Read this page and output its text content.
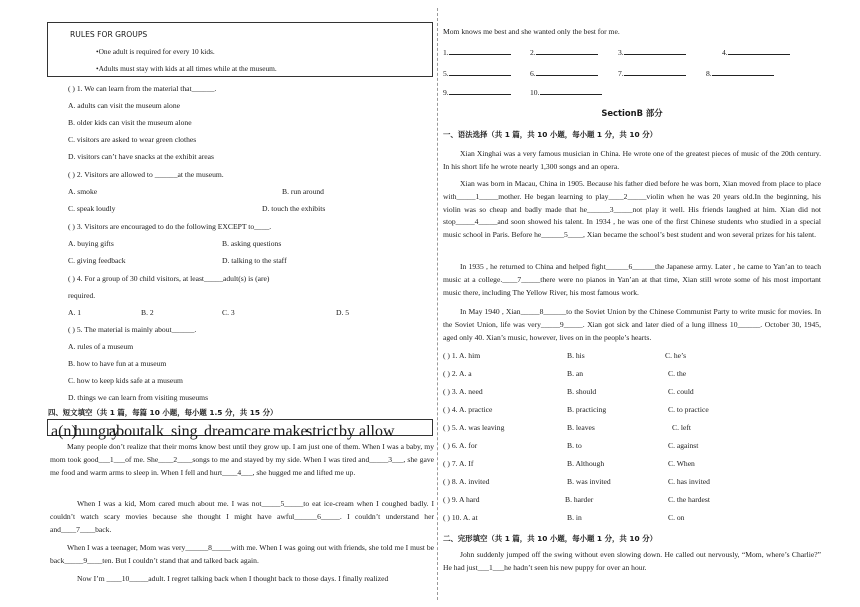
RULES FOR GROUPS
•One adult is required for every 10 kids.
•Adults must stay with kids at all times while at the museum.
( ) 1. We can learn from the material that______.
A. adults can visit the museum alone
B. older kids can visit the museum alone
C. visitors are asked to wear green clothes
D. visitors can’t have snacks at the exhibit areas
( ) 2. Visitors are allowed to ______at the museum.
A. smoke	B. run around
C. speak loudly	D. touch the exhibits
( ) 3. Visitors are encouraged to do the following EXCEPT to____.
A. buying gifts	B. asking questions
C. giving feedback	D. talking to the staff
( ) 4. For a group of 30 child visitors, at least_____adult(s) is (are)
required.
A. 1	B. 2	C. 3	D. 5
( ) 5. The material is mainly about______.
A. rules of a museum
B. how to have fun at a museum
C. how to keep kids safe at a museum
D. things we can learn from visiting museums
四、短文填空（共 1 篇，每篇 10 小题，每小题 1.5 分，共 15 分）
a(n)
hungry
about
talk sing dream care make
strict by allow
Many people don’t realize that their moms know best until they grow up. I am just one of them. When I was a baby, my mom took good___1___of me. She____2____songs to me and stayed by my side. When I was tired and_____3___, she gave me food and warm arms to sleep in. When I fell and hurt____4___, she hugged me and lifted me up.
When I was a kid, Mom cared much about me. I was not_____5_____to eat ice-cream when I coughed badly. I couldn’t watch scary movies because she thought I might have awful______6_____. I couldn’t understand her and____7____back.
When I was a teenager, Mom was very______8_____with me. When I was going out with friends, she told me I must be back_____9____ten. But I couldn’t stand that and talked back again.
Now I’m ____10_____adult. I regret talking back when I thought back to those days. I finally realized
Mom knows me best and she wanted only the best for me.
1.	2.	3.	4.
5.	6.	7.	8.
9.	10.
SectionB 部分
一、语法选择（共 1 篇，共 10 小题，每小题 1 分，共 10 分）
Xian Xinghai was a very famous musician in China. He wrote one of the greatest pieces of music of the 20th century. In his short life he wrote nearly 1,300 songs and an opera.
Xian was born in Macau, China in 1905. Because his father died before he was born, Xian moved from place to place with_____1_____mother. He began learning to play____2_____violin when he was 20 years old.In the beginning, his violin was so cheap and badly made that he______3_____not play it well. His friends laughed at him. Xian did not stop_____4_____and soon showed his talent. In 1934 , he was one of the first Chinese students who studied in a special music school in Paris. Before he______5____, Xian became the school’s best student and won several prizes for his talent.
In 1935 , he returned to China and helped fight______6______the Japanese army. Later , he came to Yan’an to teach music at a college.____7_____there were no pianos in Yan’an at that time, Xian still wrote some of his most important music there, including The Yellow River, his most famous work.
In May 1940 , Xian_____8______to the Soviet Union by the Chinese Communist Party to write music for movies. In the Soviet Union, life was very_____9_____. Xian got sick and later died of a lung illness 10______. October 30, 1945, aged only 40. Xian’s music, however, lives on in the people’s hearts.
( ) 1. A. him	B. his	C. he’s
( ) 2. A. a	B. an	C. the
( ) 3. A. need	B. should	C. could
( ) 4. A. practice	B. practicing	C. to practice
( ) 5. A. was leaving	B. leaves	C. left
( ) 6. A. for	B. to	C. against
( ) 7. A. If	B. Although	C. When
( ) 8. A. invited	B. was invited	C. has invited
( ) 9. A hard	B. harder	C. the hardest
( ) 10. A. at	B. in	C. on
二、完形填空（共 1 篇，共 10 小题，每小题 1 分，共 10 分）
John suddenly jumped off the swing without even slowing down. He called out nervously, “Mom, where’s Charlie?” He had just___1___he hadn’t seen his new puppy for over an hour.
